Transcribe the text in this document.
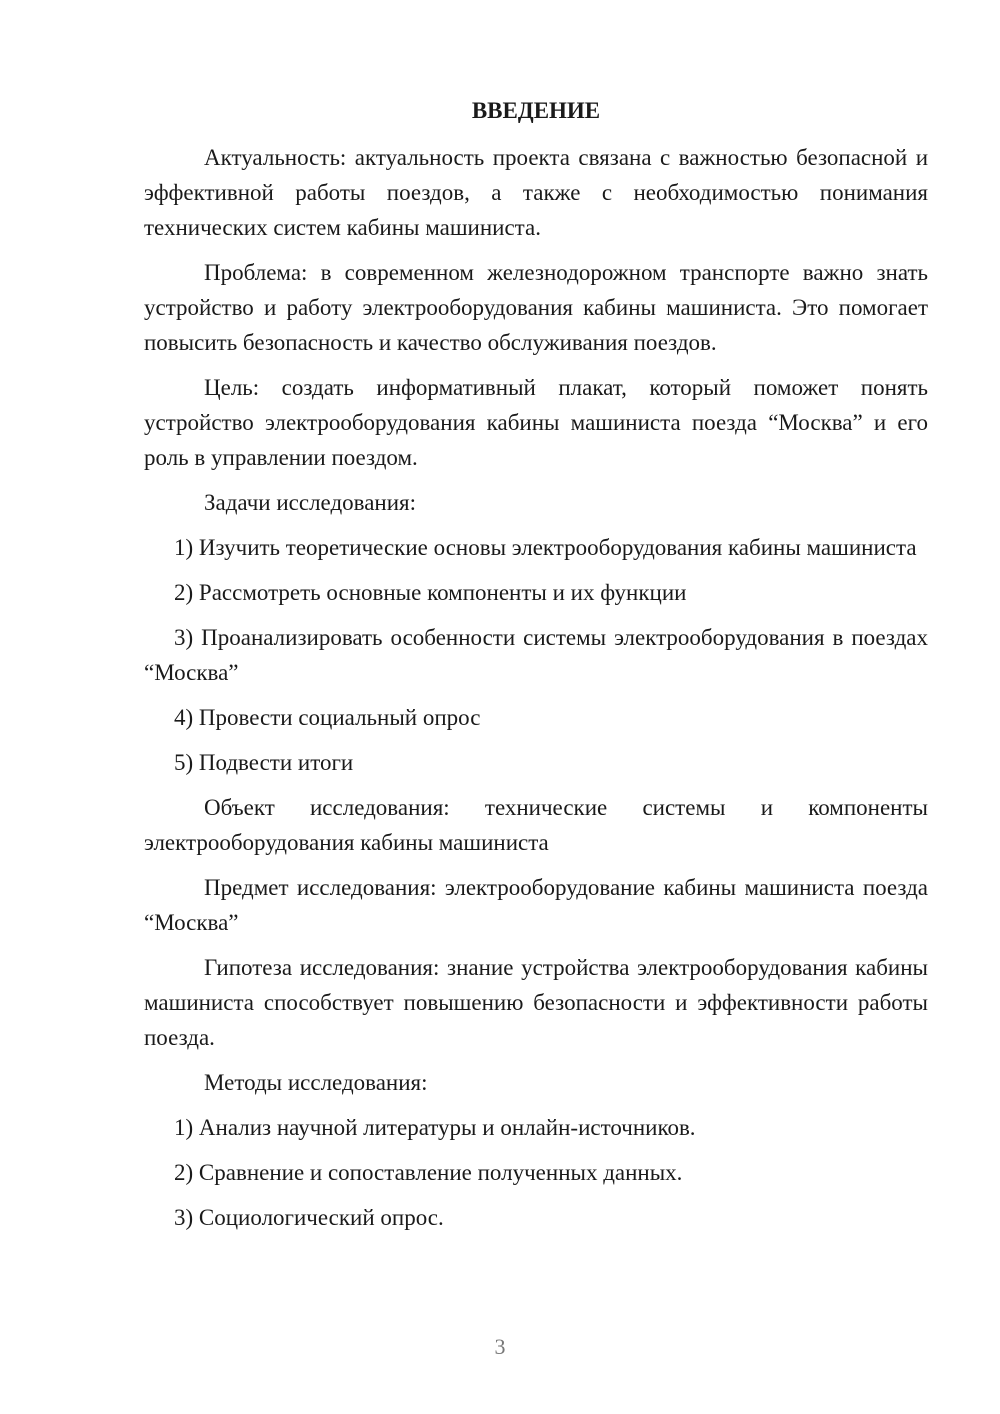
ВВЕДЕНИЕ

Актуальность: актуальность проекта связана с важностью безопасной и эффективной работы поездов, а также с необходимостью понимания технических систем кабины машиниста.

Проблема: в современном железнодорожном транспорте важно знать устройство и работу электрооборудования кабины машиниста. Это помогает повысить безопасность и качество обслуживания поездов.

Цель: создать информативный плакат, который поможет понять устройство электрооборудования кабины машиниста поезда “Москва” и его роль в управлении поездом.

Задачи исследования:

1) Изучить теоретические основы электрооборудования кабины машиниста

2) Рассмотреть основные компоненты и их функции

3) Проанализировать особенности системы электрооборудования в поездах “Москва”

4) Провести социальный опрос

5) Подвести итоги

Объект исследования: технические системы и компоненты электрооборудования кабины машиниста

Предмет исследования: электрооборудование кабины машиниста поезда “Москва”

Гипотеза исследования: знание устройства электрооборудования кабины машиниста способствует повышению безопасности и эффективности работы поезда.

Методы исследования:

1) Анализ научной литературы и онлайн-источников.

2) Сравнение и сопоставление полученных данных.

3) Социологический опрос.

3
